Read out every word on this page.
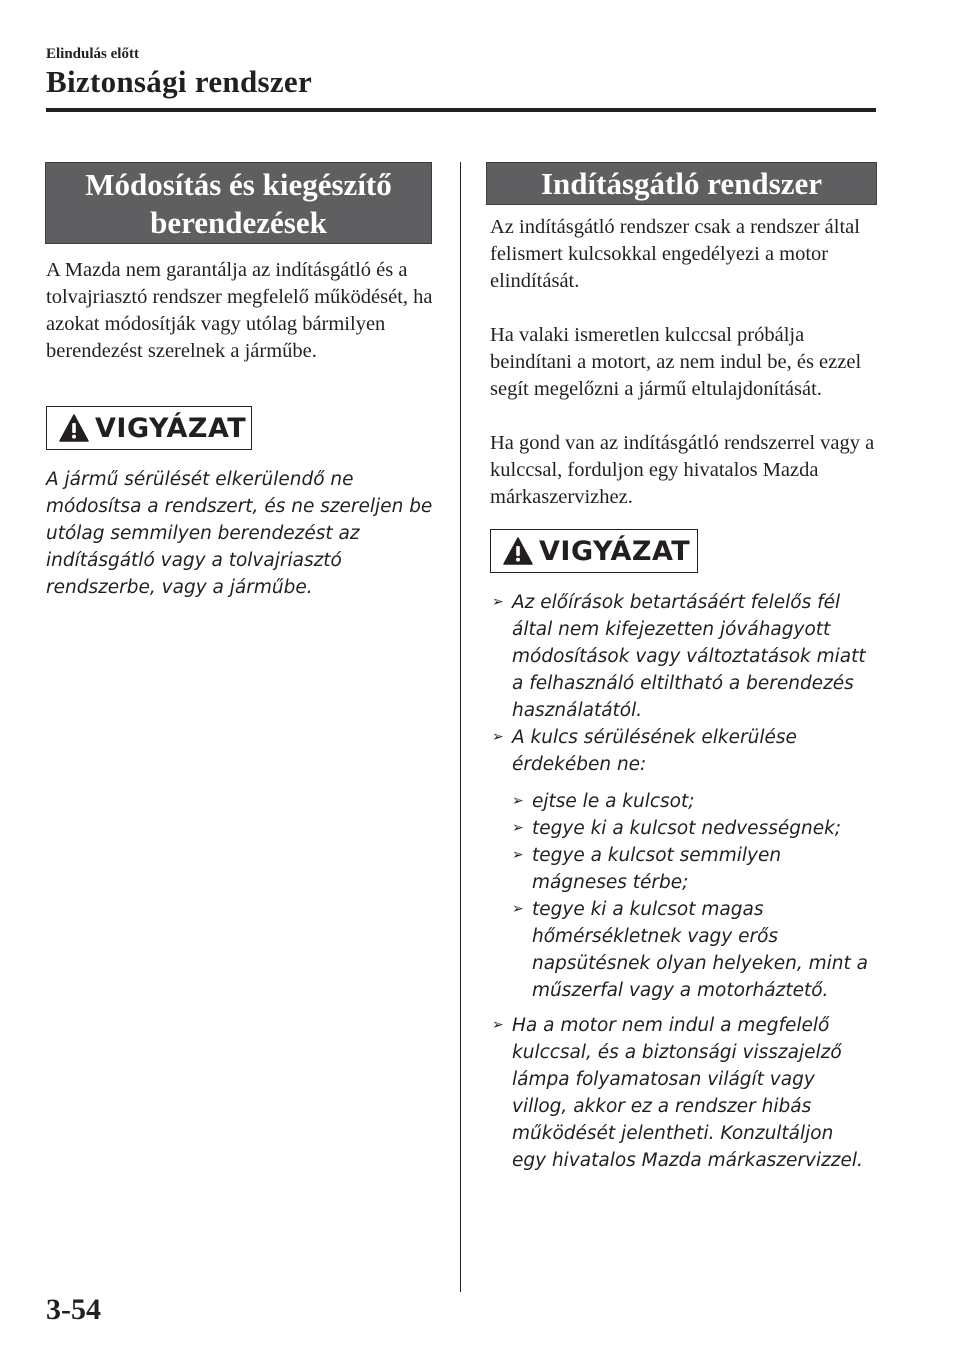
Elindulás előtt
Biztonsági rendszer
Módosítás és kiegészítő
berendezések
A Mazda nem garantálja az indításgátló és a tolvajriasztó rendszer megfelelő működését, ha azokat módosítják vagy utólag bármilyen berendezést szerelnek a járműbe.
VIGYÁZAT
A jármű sérülését elkerülendő ne módosítsa a rendszert, és ne szereljen be utólag semmilyen berendezést az indításgátló vagy a tolvajriasztó rendszerbe, vagy a járműbe.
Indításgátló rendszer
Az indításgátló rendszer csak a rendszer által felismert kulcsokkal engedélyezi a motor elindítását.
Ha valaki ismeretlen kulccsal próbálja beindítani a motort, az nem indul be, és ezzel segít megelőzni a jármű eltulajdonítását.
Ha gond van az indításgátló rendszerrel vagy a kulccsal, forduljon egy hivatalos Mazda márkaszervizhez.
VIGYÁZAT
➢ Az előírások betartásáért felelős fél által nem kifejezetten jóváhagyott módosítások vagy változtatások miatt a felhasználó eltiltható a berendezés használatától.
➢ A kulcs sérülésének elkerülése érdekében ne:
➢ ejtse le a kulcsot;
➢ tegye ki a kulcsot nedvességnek;
➢ tegye a kulcsot semmilyen mágneses térbe;
➢ tegye ki a kulcsot magas hőmérsékletnek vagy erős napsütésnek olyan helyeken, mint a műszerfal vagy a motorháztető.
➢ Ha a motor nem indul a megfelelő kulccsal, és a biztonsági visszajelző lámpa folyamatosan világít vagy villog, akkor ez a rendszer hibás működését jelentheti. Konzultáljon egy hivatalos Mazda márkaszervizzel.
3-54
